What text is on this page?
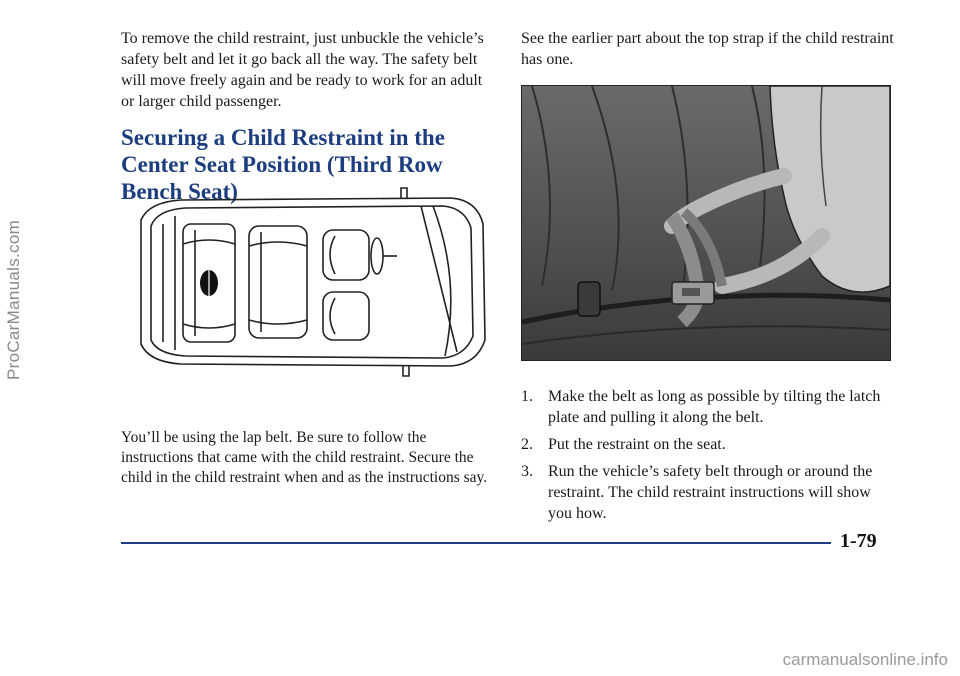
ProCarManuals.com

To remove the child restraint, just unbuckle the vehicle’s safety belt and let it go back all the way. The safety belt will move freely again and be ready to work for an adult or larger child passenger.

Securing a Child Restraint in the Center Seat Position (Third Row Bench Seat)

You’ll be using the lap belt. Be sure to follow the instructions that came with the child restraint. Secure the child in the child restraint when and as the instructions say.

See the earlier part about the top strap if the child restraint has one.

1. Make the belt as long as possible by tilting the latch plate and pulling it along the belt.
2. Put the restraint on the seat.
3. Run the vehicle’s safety belt through or around the restraint. The child restraint instructions will show you how.
1-79
carmanualsonline.info
